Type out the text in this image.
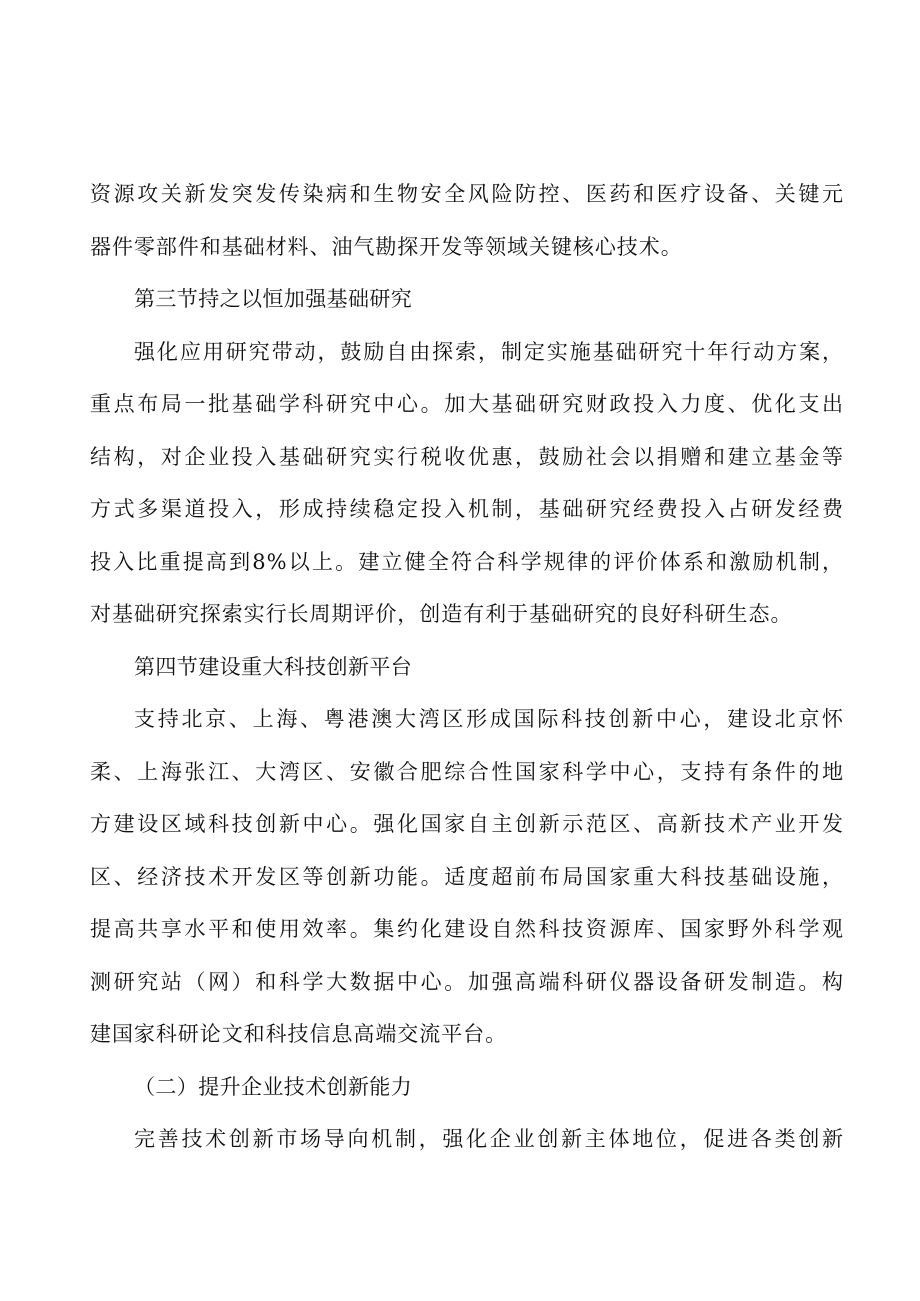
资源攻关新发突发传染病和生物安全风险防控、医药和医疗设备、关键元
器件零部件和基础材料、油气勘探开发等领域关键核心技术。
第三节持之以恒加强基础研究
强化应用研究带动，鼓励自由探索，制定实施基础研究十年行动方案，
重点布局一批基础学科研究中心。加大基础研究财政投入力度、优化支出
结构，对企业投入基础研究实行税收优惠，鼓励社会以捐赠和建立基金等
方式多渠道投入，形成持续稳定投入机制，基础研究经费投入占研发经费
投入比重提高到8%以上。建立健全符合科学规律的评价体系和激励机制，
对基础研究探索实行长周期评价，创造有利于基础研究的良好科研生态。
第四节建设重大科技创新平台
支持北京、上海、粤港澳大湾区形成国际科技创新中心，建设北京怀
柔、上海张江、大湾区、安徽合肥综合性国家科学中心，支持有条件的地
方建设区域科技创新中心。强化国家自主创新示范区、高新技术产业开发
区、经济技术开发区等创新功能。适度超前布局国家重大科技基础设施，
提高共享水平和使用效率。集约化建设自然科技资源库、国家野外科学观
测研究站（网）和科学大数据中心。加强高端科研仪器设备研发制造。构
建国家科研论文和科技信息高端交流平台。
（二）提升企业技术创新能力
完善技术创新市场导向机制，强化企业创新主体地位，促进各类创新
